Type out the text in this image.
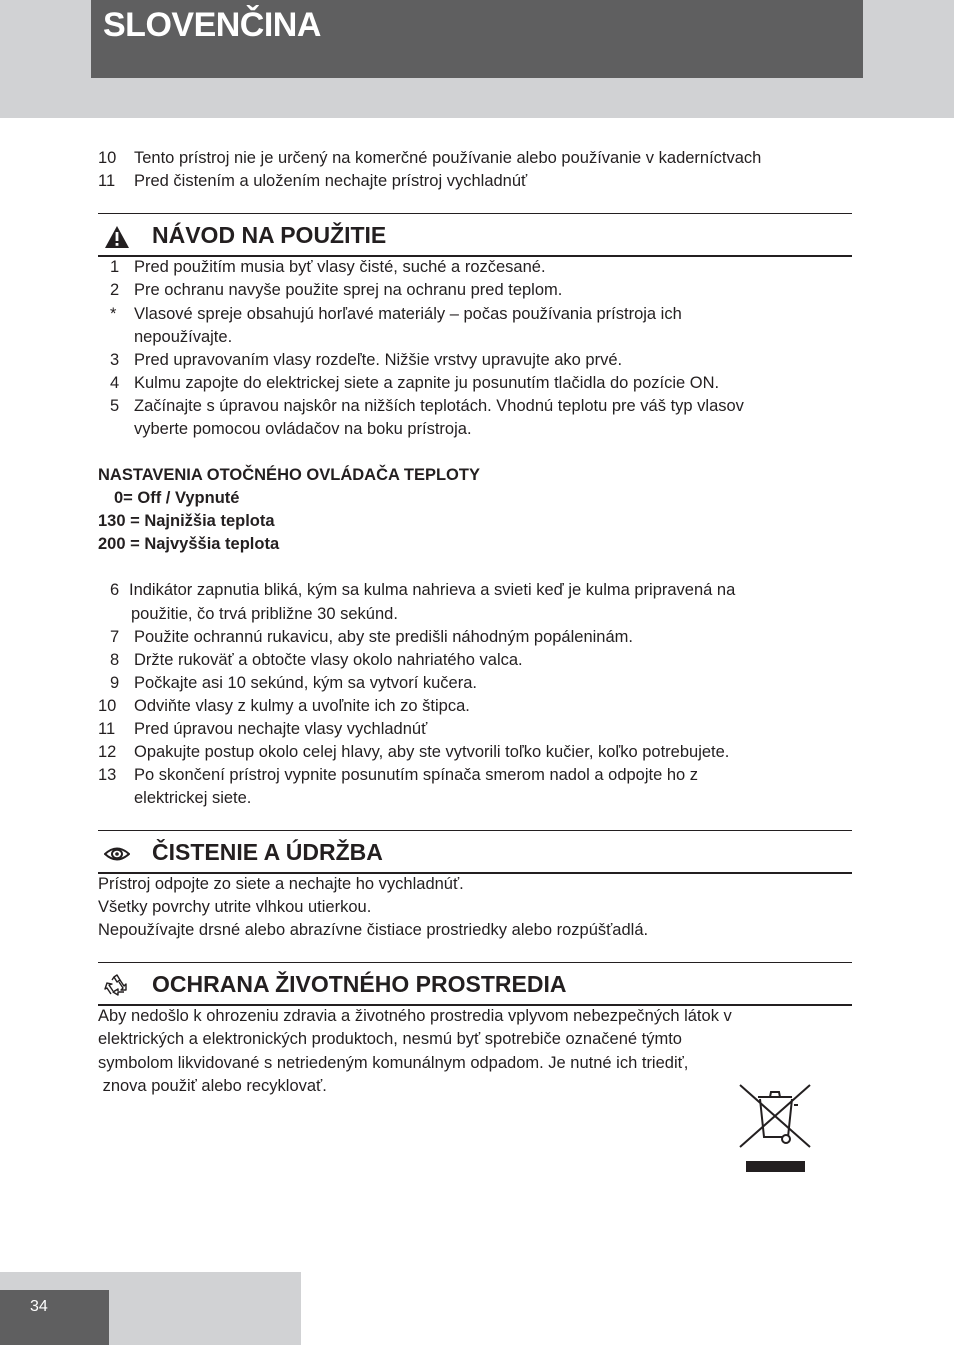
SLOVENČINA
10 Tento prístroj nie je určený na komerčné používanie alebo používanie v kaderníctvach
11 Pred čistením a uložením nechajte prístroj vychladnúť
NÁVOD NA POUŽITIE
1 Pred použitím musia byť vlasy čisté, suché a rozčesané.
2 Pre ochranu navyše použite sprej na ochranu pred teplom.
* Vlasové spreje obsahujú horľavé materiály – počas používania prístroja ich
nepoužívajte.
3 Pred upravovaním vlasy rozdeľte. Nižšie vrstvy upravujte ako prvé.
4 Kulmu zapojte do elektrickej siete a zapnite ju posunutím tlačidla do pozície ON.
5 Začínajte s úpravou najskôr na nižších teplotách. Vhodnú teplotu pre váš typ vlasov
vyberte pomocou ovládačov na boku prístroja.
NASTAVENIA OTOČNÉHO OVLÁDAČA TEPLOTY
0= Off / Vypnuté
130 = Najnižšia teplota
200 = Najvyššia teplota
6 Indikátor zapnutia bliká, kým sa kulma nahrieva a svieti keď je kulma pripravená na
použitie, čo trvá približne 30 sekúnd.
7 Použite ochrannú rukavicu, aby ste predišli náhodným popáleninám.
8 Držte rukoväť a obtočte vlasy okolo nahriatého valca.
9 Počkajte asi 10 sekúnd, kým sa vytvorí kučera.
10 Odviňte vlasy z kulmy a uvoľnite ich zo štipca.
11 Pred úpravou nechajte vlasy vychladnúť
12 Opakujte postup okolo celej hlavy, aby ste vytvorili toľko kučier, koľko potrebujete.
13 Po skončení prístroj vypnite posunutím spínača smerom nadol a odpojte ho z
elektrickej siete.
ČISTENIE A ÚDRŽBA
Prístroj odpojte zo siete a nechajte ho vychladnúť.
Všetky povrchy utrite vlhkou utierkou.
Nepoužívajte drsné alebo abrazívne čistiace prostriedky alebo rozpúšťadlá.
OCHRANA ŽIVOTNÉHO PROSTREDIA
Aby nedošlo k ohrozeniu zdravia a životného prostredia vplyvom nebezpečných látok v
elektrických a elektronických produktoch, nesmú byť spotrebiče označené týmto
symbolom likvidované s netriedeným komunálnym odpadom. Je nutné ich triediť,
znova použiť alebo recyklovať.
34
